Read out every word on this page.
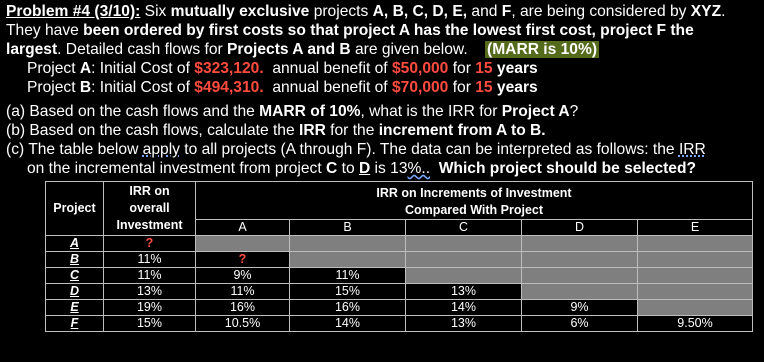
Problem #4 (3/10): Six mutually exclusive projects A, B, C, D, E, and F, are being considered by XYZ.
They have been ordered by first costs so that project A has the lowest first cost, project F the
largest. Detailed cash flows for Projects A and B are given below.    (MARR is 10%)
Project A: Initial Cost of $323,120.  annual benefit of $50,000 for 15 years
Project B: Initial Cost of $494,310.  annual benefit of $70,000 for 15 years
(a) Based on the cash flows and the MARR of 10%, what is the IRR for Project A?
(b) Based on the cash flows, calculate the IRR for the increment from A to B.
(c) The table below apply to all projects (A through F). The data can be interpreted as follows: the IRR
on the incremental investment from project C to D is 13%..  Which project should be selected?
Project	IRR on overall Investment	IRR on Increments of Investment
Compared With Project				

		A	B	C	D	E
A	?					
B	11%	?				
C	11%	9%	11%			
D	13%	11%	15%	13%		
E	19%	16%	16%	14%	9%	
F	15%	10.5%	14%	13%	6%	9.50%
